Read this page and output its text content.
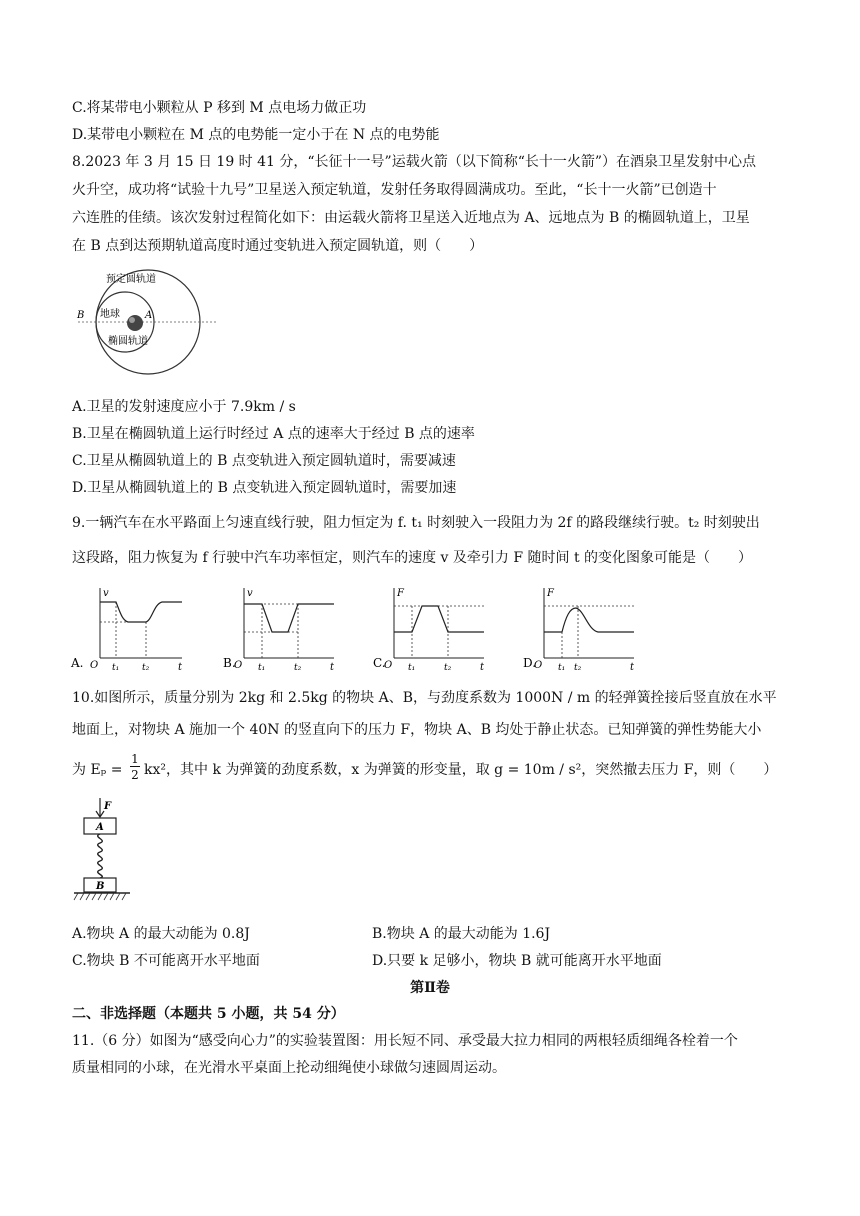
C.将某带电小颗粒从 P 移到 M 点电场力做正功
D.某带电小颗粒在 M 点的电势能一定小于在 N 点的电势能
8.2023 年 3 月 15 日 19 时 41 分，“长征十一号”运载火箭（以下简称“长十一火箭”）在酒泉卫星发射中心点
火升空，成功将“试验十九号”卫星送入预定轨道，发射任务取得圆满成功。至此，“长十一火箭”已创造十
六连胜的佳绩。该次发射过程简化如下：由运载火箭将卫星送入近地点为 A、远地点为 B 的椭圆轨道上，卫星
在 B 点到达预期轨道高度时通过变轨进入预定圆轨道，则（　　）
预定圆轨道
地球
椭圆轨道
A
B
A.卫星的发射速度应小于 7.9km / s
B.卫星在椭圆轨道上运行时经过 A 点的速率大于经过 B 点的速率
C.卫星从椭圆轨道上的 B 点变轨进入预定圆轨道时，需要减速
D.卫星从椭圆轨道上的 B 点变轨进入预定圆轨道时，需要加速
9.一辆汽车在水平路面上匀速直线行驶，阻力恒定为 f. t₁ 时刻驶入一段阻力为 2f 的路段继续行驶。t₂ 时刻驶出
这段路，阻力恢复为 f 行驶中汽车功率恒定，则汽车的速度 v 及牵引力 F 随时间 t 的变化图象可能是（　　）
A.
v
O t₁	t₂	t	B.
v
O t₁	t₂	t	C.
F
O t₁	t₂	t	D.
F
O t₁ t₂	t
10.如图所示，质量分别为 2kg 和 2.5kg 的物块 A、B，与劲度系数为 1000N / m 的轻弹簧拴接后竖直放在水平
地面上，对物块 A 施加一个 40N 的竖直向下的压力 F，物块 A、B 均处于静止状态。已知弹簧的弹性势能大小
为 Eₚ =
1
2 kx²，其中 k 为弹簧的劲度系数，x 为弹簧的形变量，取 g = 10m / s²，突然撤去压力 F，则（　　）
F
A
B
A.物块 A 的最大动能为 0.8J	B.物块 A 的最大动能为 1.6J
C.物块 B 不可能离开水平地面	D.只要 k 足够小，物块 B 就可能离开水平地面
第Ⅱ卷
二、非选择题（本题共 5 小题，共 54 分）
11.（6 分）如图为“感受向心力”的实验装置图：用长短不同、承受最大拉力相同的两根轻质细绳各栓着一个
质量相同的小球，在光滑水平桌面上抡动细绳使小球做匀速圆周运动。
